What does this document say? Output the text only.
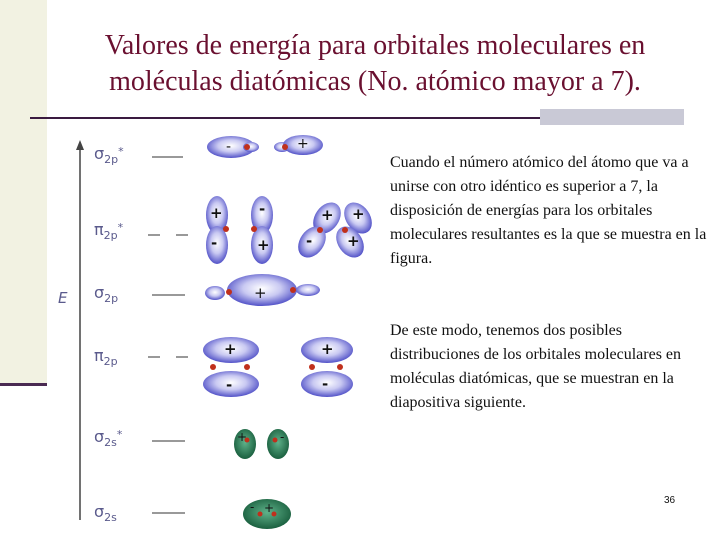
Valores de energía para orbitales moleculares en
moléculas diatómicas (No. atómico mayor a 7).
E
$\sigma_{2p}^*$
$\pi_{2p}^*$
$\sigma_{2p}$
$\pi_{2p}$
$\sigma_{2s}^*$
$\sigma_{2s}$
-	+
+ -
-	+
+ +
- +
+
+
-
+
-
+	-
- +

Cuando el número atómico del átomo que va a unirse con otro idéntico es superior a 7, la disposición de energías para los orbitales moleculares resultantes es la que se muestra en la figura.

De este modo, tenemos dos posibles distribuciones de los orbitales moleculares en moléculas diatómicas, que se muestran en la diapositiva siguiente.

36
